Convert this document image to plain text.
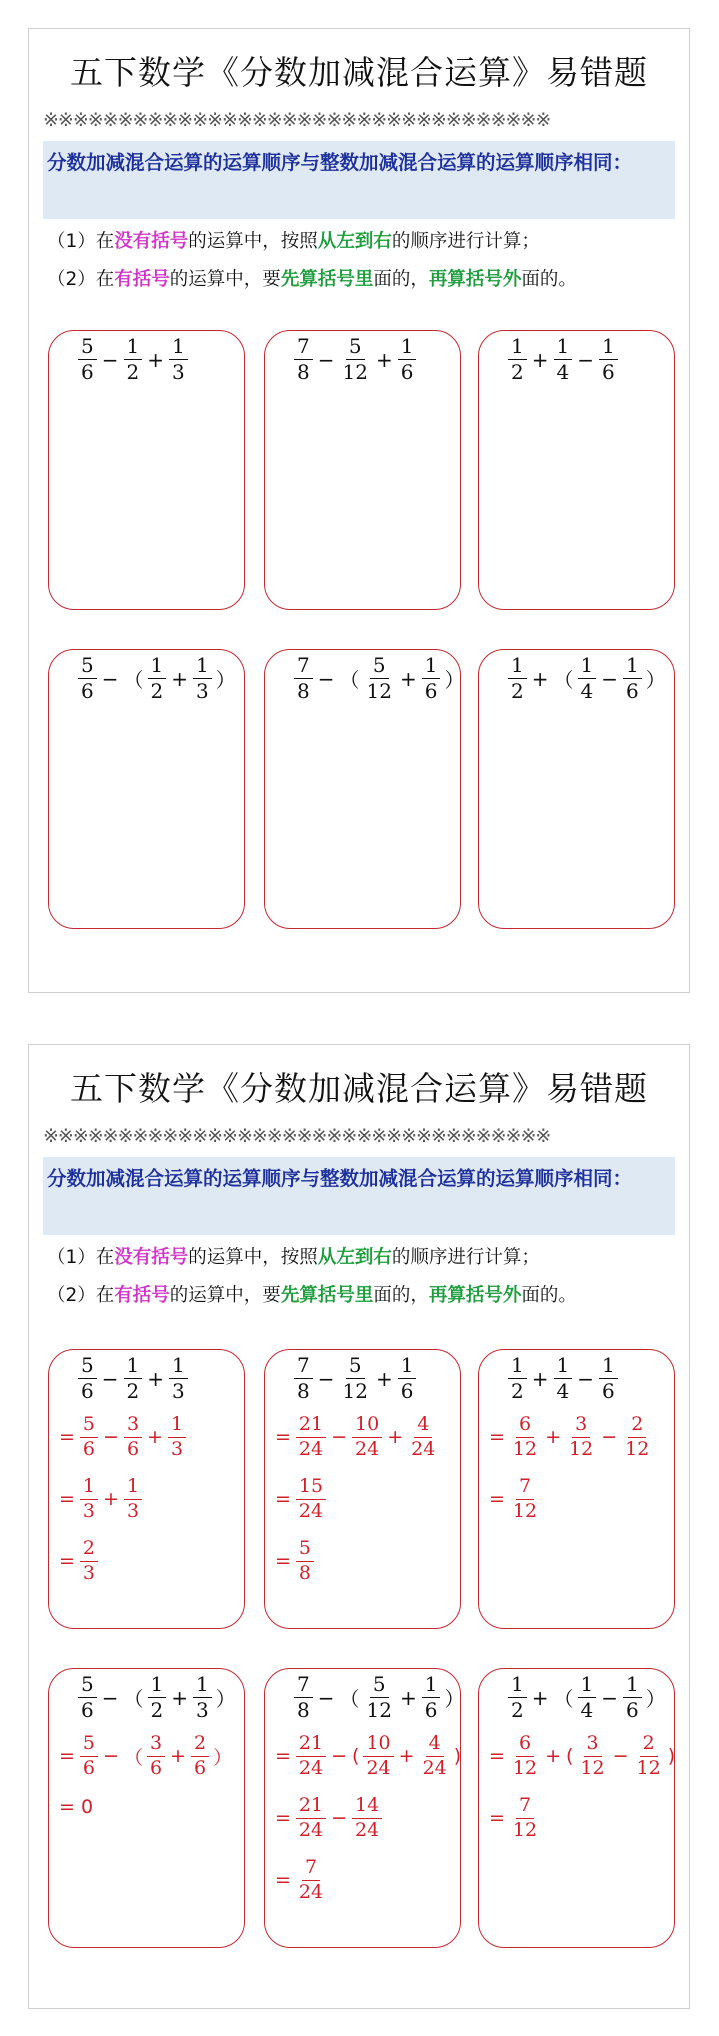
五下数学《分数加减混合运算》易错题
※※※※※※※※※※※※※※※※※※※※※※※※※※※※※※※※※※
分数加减混合运算的运算顺序与整数加减混合运算的运算顺序相同：
（1）在没有括号的运算中，按照从左到右的顺序进行计算；
（2）在有括号的运算中，要先算括号里面的，再算括号外面的。
五下数学《分数加减混合运算》易错题
※※※※※※※※※※※※※※※※※※※※※※※※※※※※※※※※※※
分数加减混合运算的运算顺序与整数加减混合运算的运算顺序相同：
（1）在没有括号的运算中，按照从左到右的顺序进行计算；
（2）在有括号的运算中，要先算括号里面的，再算括号外面的。
$\frac{5}{6} - \frac{1}{2} + \frac{1}{3}$	$\frac{7}{8} - \frac{5}{12} + \frac{1}{6}$	$\frac{1}{2} + \frac{1}{4} - \frac{1}{6}$
$\frac{5}{6}$ − （ $\frac{1}{2} + \frac{1}{3}$ ）	$\frac{7}{8}$ − （ $\frac{5}{12} + \frac{1}{6}$ ） $\frac{1}{2}$ + （ $\frac{1}{4} - \frac{1}{6}$ ）
$\frac{5}{6} - \frac{1}{2} + \frac{1}{3}$
= $\frac{5}{6} - \frac{3}{6} + \frac{1}{3}$
= $\frac{1}{3} + \frac{1}{3}$
= $\frac{2}{3}$
$\frac{7}{8} - \frac{5}{12} + \frac{1}{6}$
= $\frac{21}{24} - \frac{10}{24} + \frac{4}{24}$
= $\frac{15}{24}$
= $\frac{5}{8}$
$\frac{1}{2} + \frac{1}{4} - \frac{1}{6}$
= $\frac{6}{12} + \frac{3}{12} - \frac{2}{12}$
= $\frac{7}{12}$
$\frac{5}{6}$ − （ $\frac{1}{2} + \frac{1}{3}$ ）
= $\frac{5}{6}$ − （ $\frac{3}{6} + \frac{2}{6}$ ）
= 0
$\frac{7}{8}$ − （ $\frac{5}{12} + \frac{1}{6}$ ）
= $\frac{21}{24}$ − ( $\frac{10}{24} + \frac{4}{24}$ )
= $\frac{21}{24} - \frac{14}{24}$
= $\frac{7}{24}$
$\frac{1}{2}$ + （ $\frac{1}{4} - \frac{1}{6}$ ）
= $\frac{6}{12}$ + ( $\frac{3}{12} - \frac{2}{12}$ )
= $\frac{7}{12}$
